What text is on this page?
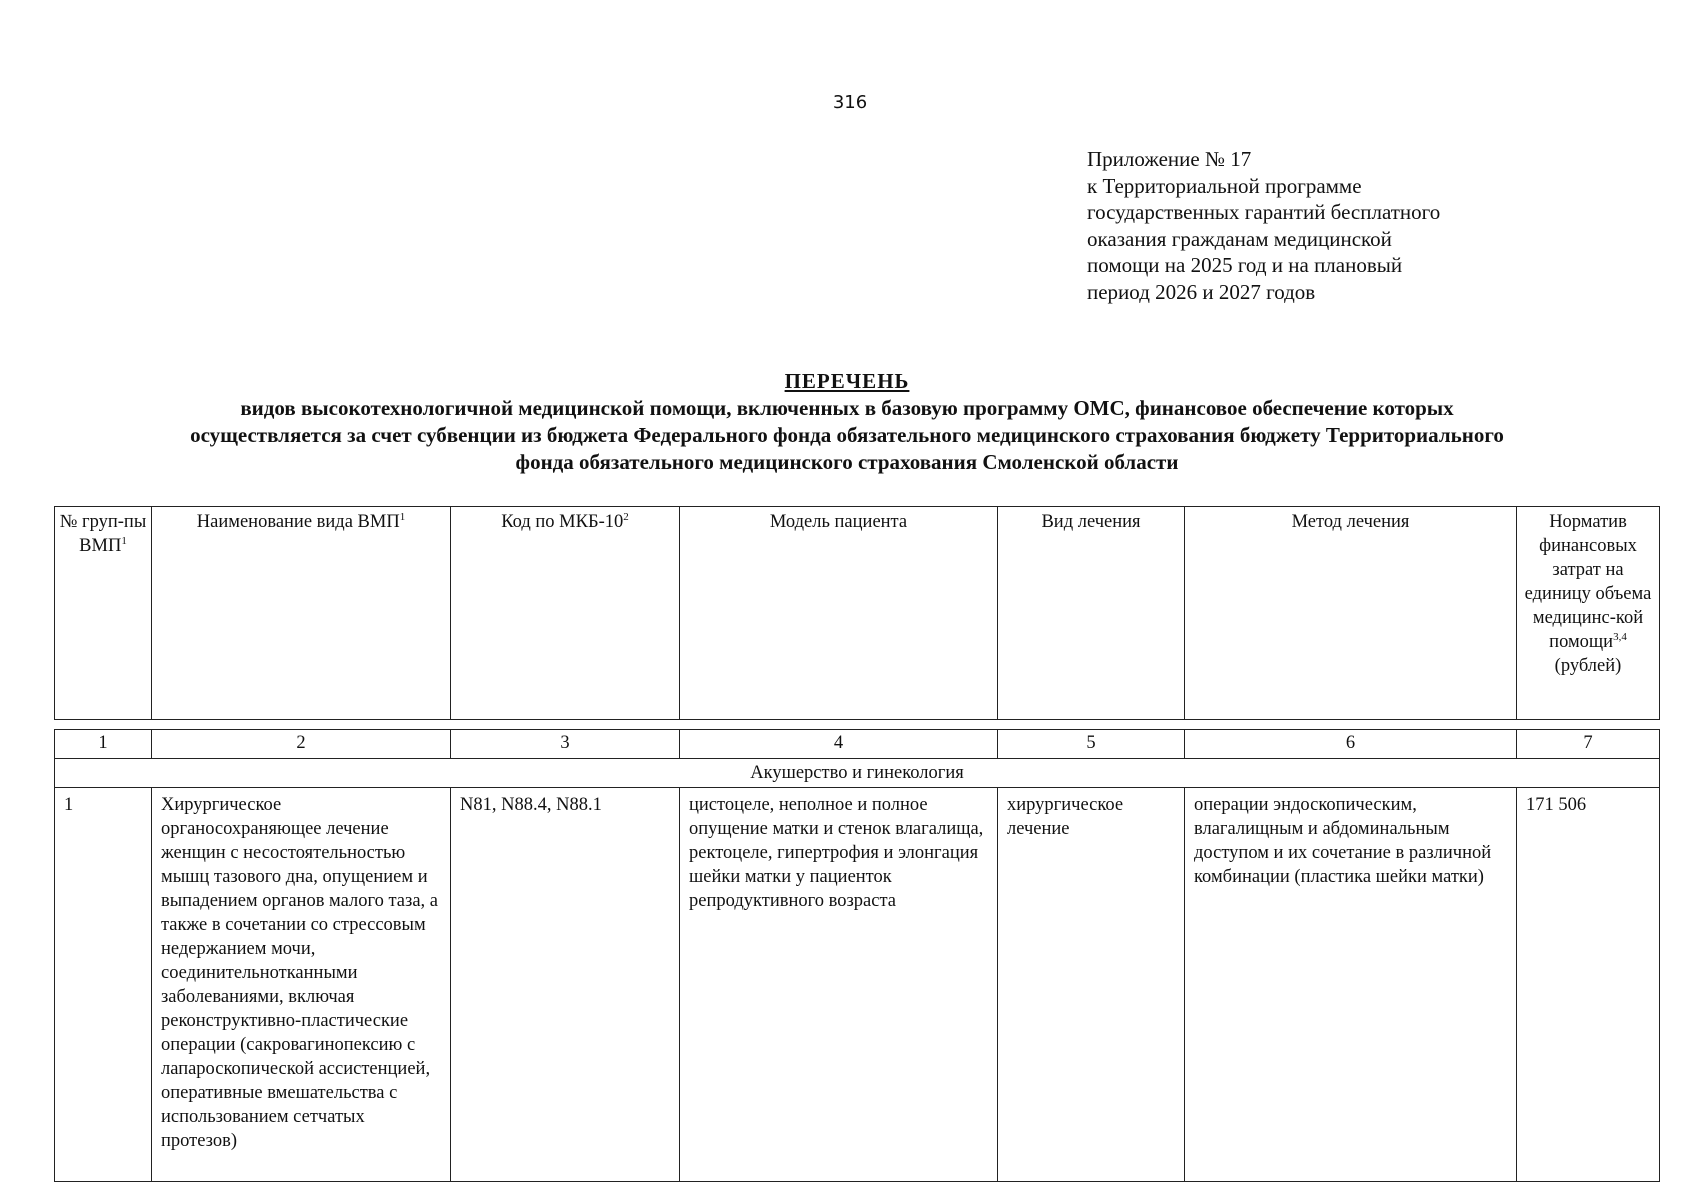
316
Приложение № 17
к Территориальной программе
государственных гарантий бесплатного
оказания гражданам медицинской
помощи на 2025 год и на плановый
период 2026 и 2027 годов
ПЕРЕЧЕНЬ
видов высокотехнологичной медицинской помощи, включенных в базовую программу ОМС, финансовое обеспечение которых
осуществляется за счет субвенции из бюджета Федерального фонда обязательного медицинского страхования бюджету Территориального
фонда обязательного медицинского страхования Смоленской области
№ груп-пы ВМП$^1$	Наименование вида ВМП$^1$	Код по МКБ-$10^2$	Модель пациента	Вид лечения	Метод лечения	Норматив финансовых затрат на единицу объема медицинс-кой помощи$^{3,4}$ (рублей)
1	2	3	4	5	6	7
Акушерство и гинекология						
1	Хирургическое органосохраняющее лечение женщин с несостоятельностью мышц тазового дна, опущением и выпадением органов малого таза, а также в сочетании со стрессовым недержанием мочи, соединительнотканными заболеваниями, включая реконструктивно-пластические операции (сакровагинопексию с лапароскопической ассистенцией, оперативные вмешательства с использованием сетчатых протезов)	N81, N88.4, N88.1	цистоцеле, неполное и полное опущение матки и стенок влагалища, ректоцеле, гипертрофия и элонгация шейки матки у пациенток репродуктивного возраста	хирургическое лечение	операции эндоскопическим, влагалищным и абдоминальным доступом и их сочетание в различной комбинации (пластика шейки матки)	171 506
